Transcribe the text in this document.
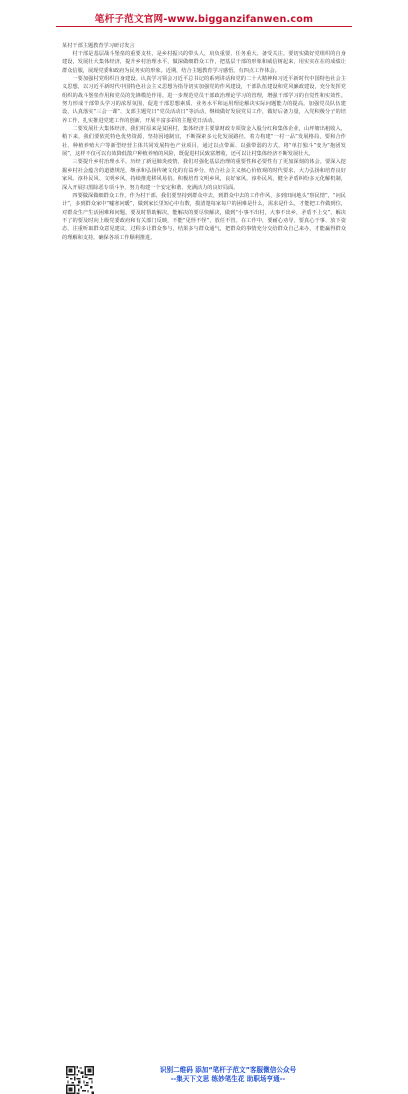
笔杆子范文官网-www.bigganzifanwen.com

某村干部主题教育学习研讨发言

村干部是基层战斗堡垒的重要支柱，是乡村振兴的带头人，肩负重要、任务重大、备受关注。要切实做好党组织的自身建设，发展壮大集体经济，提升乡村治理水平，做深做细群众工作，把基层干部的形象和威信树起来，用实实在在的成绩让群众信服，展现党委和政府为民务实的形象。近期，结合主题教育学习感悟，有四点工作体会。

一要加强村党组织自身建设。认真学习领会习近平总书记的系列讲话和党的二十大精神和习近平新时代中国特色社会主义思想，以习近平新时代中国特色社会主义思想为指导切实加强党的作风建设，干部队伍建设和党风廉政建设，充分发挥党组织的战斗堡垒作用和党员的先锋模范作用。进一步规范党员干部政治理论学习的管理，增强干部学习的自觉性和实效性。努力形成干部带头学习的浓厚氛围，促进干部思想素质、业务水平和运用理论解决实际问题能力的提高。加强党员队伍建设，认真落实“三会一课”、支部主题党日“党员活动日”等活动，继续做好发展党员工作，做好后备力量，入党积极分子的培养工作，扎实推进党建工作的创新，开展丰富多彩的主题党日活动。

二要发展壮大集体经济。我们村原来是贫困村，集体经济主要靠财政专项资金入股分红和集体企业，山坪塘出租收入，稍下来，我们要依托特色优势资源，坚持因地制宜，不断探索多元化发展路径，着力构建“一村一品”发展格局，要和合作社、种植养殖大户等新型经营主体共同发展特色产业项目，通过以点带面、以强带弱的方式，将“单打独斗”变为“抱团发展”，这样不仅可以有效降低散户种植养殖的风险，既促进村民致富增收，还可以让村集体经济不断发展壮大。

三要提升乡村治理水平。历经了新冠肺炎疫情，我们对强化基层治理的重要性和必要性有了更加深刻的体会。要深入挖掘乡村社会蕴含的道德规范，继承和弘扬传统文化的有益养分，结合社会主义核心价值观的时代要求，大力弘扬和培育良好家风、淳朴民风、文明乡风，持续推进移风易俗。积极培育文明乡风，良好家风，淳朴民风，健全矛盾纠纷多元化解机制，深入开展扫黑除恶专项斗争，努力构建一个安定和谐、充满活力的良好局面。

四要做深做细群众工作。作为村干部，我们要坚持到群众中去，到群众中去的工作作风，多到田间地头“察民情”，“问民计”，多到群众家中“嘘寒问暖”，做到家长里短心中有数，摸清楚每家每户的困难是什么，需求是什么，才能把工作做到位，对群众生产生活困难和问题，要及时帮助解决，能解决的要尽快解决，做到“小事不出村，大事不出乡，矛盾不上交”，解决不了的要及时向上级党委政府和有关部门反映，不能“见怪不怪”，放任不管。在工作中，要耐心劝导，要真心干事、放下姿态，注重听取群众意见建议，过程多让群众参与，结果多与群众通气，把群众的事情充分交给群众自己来办，才能赢得群众的理解和支持，确保各项工作顺利推进。

识别二维码 添加“笔杆子范文”客服微信公众号
--集天下文思 练妙笔生花 助职场亨通--
